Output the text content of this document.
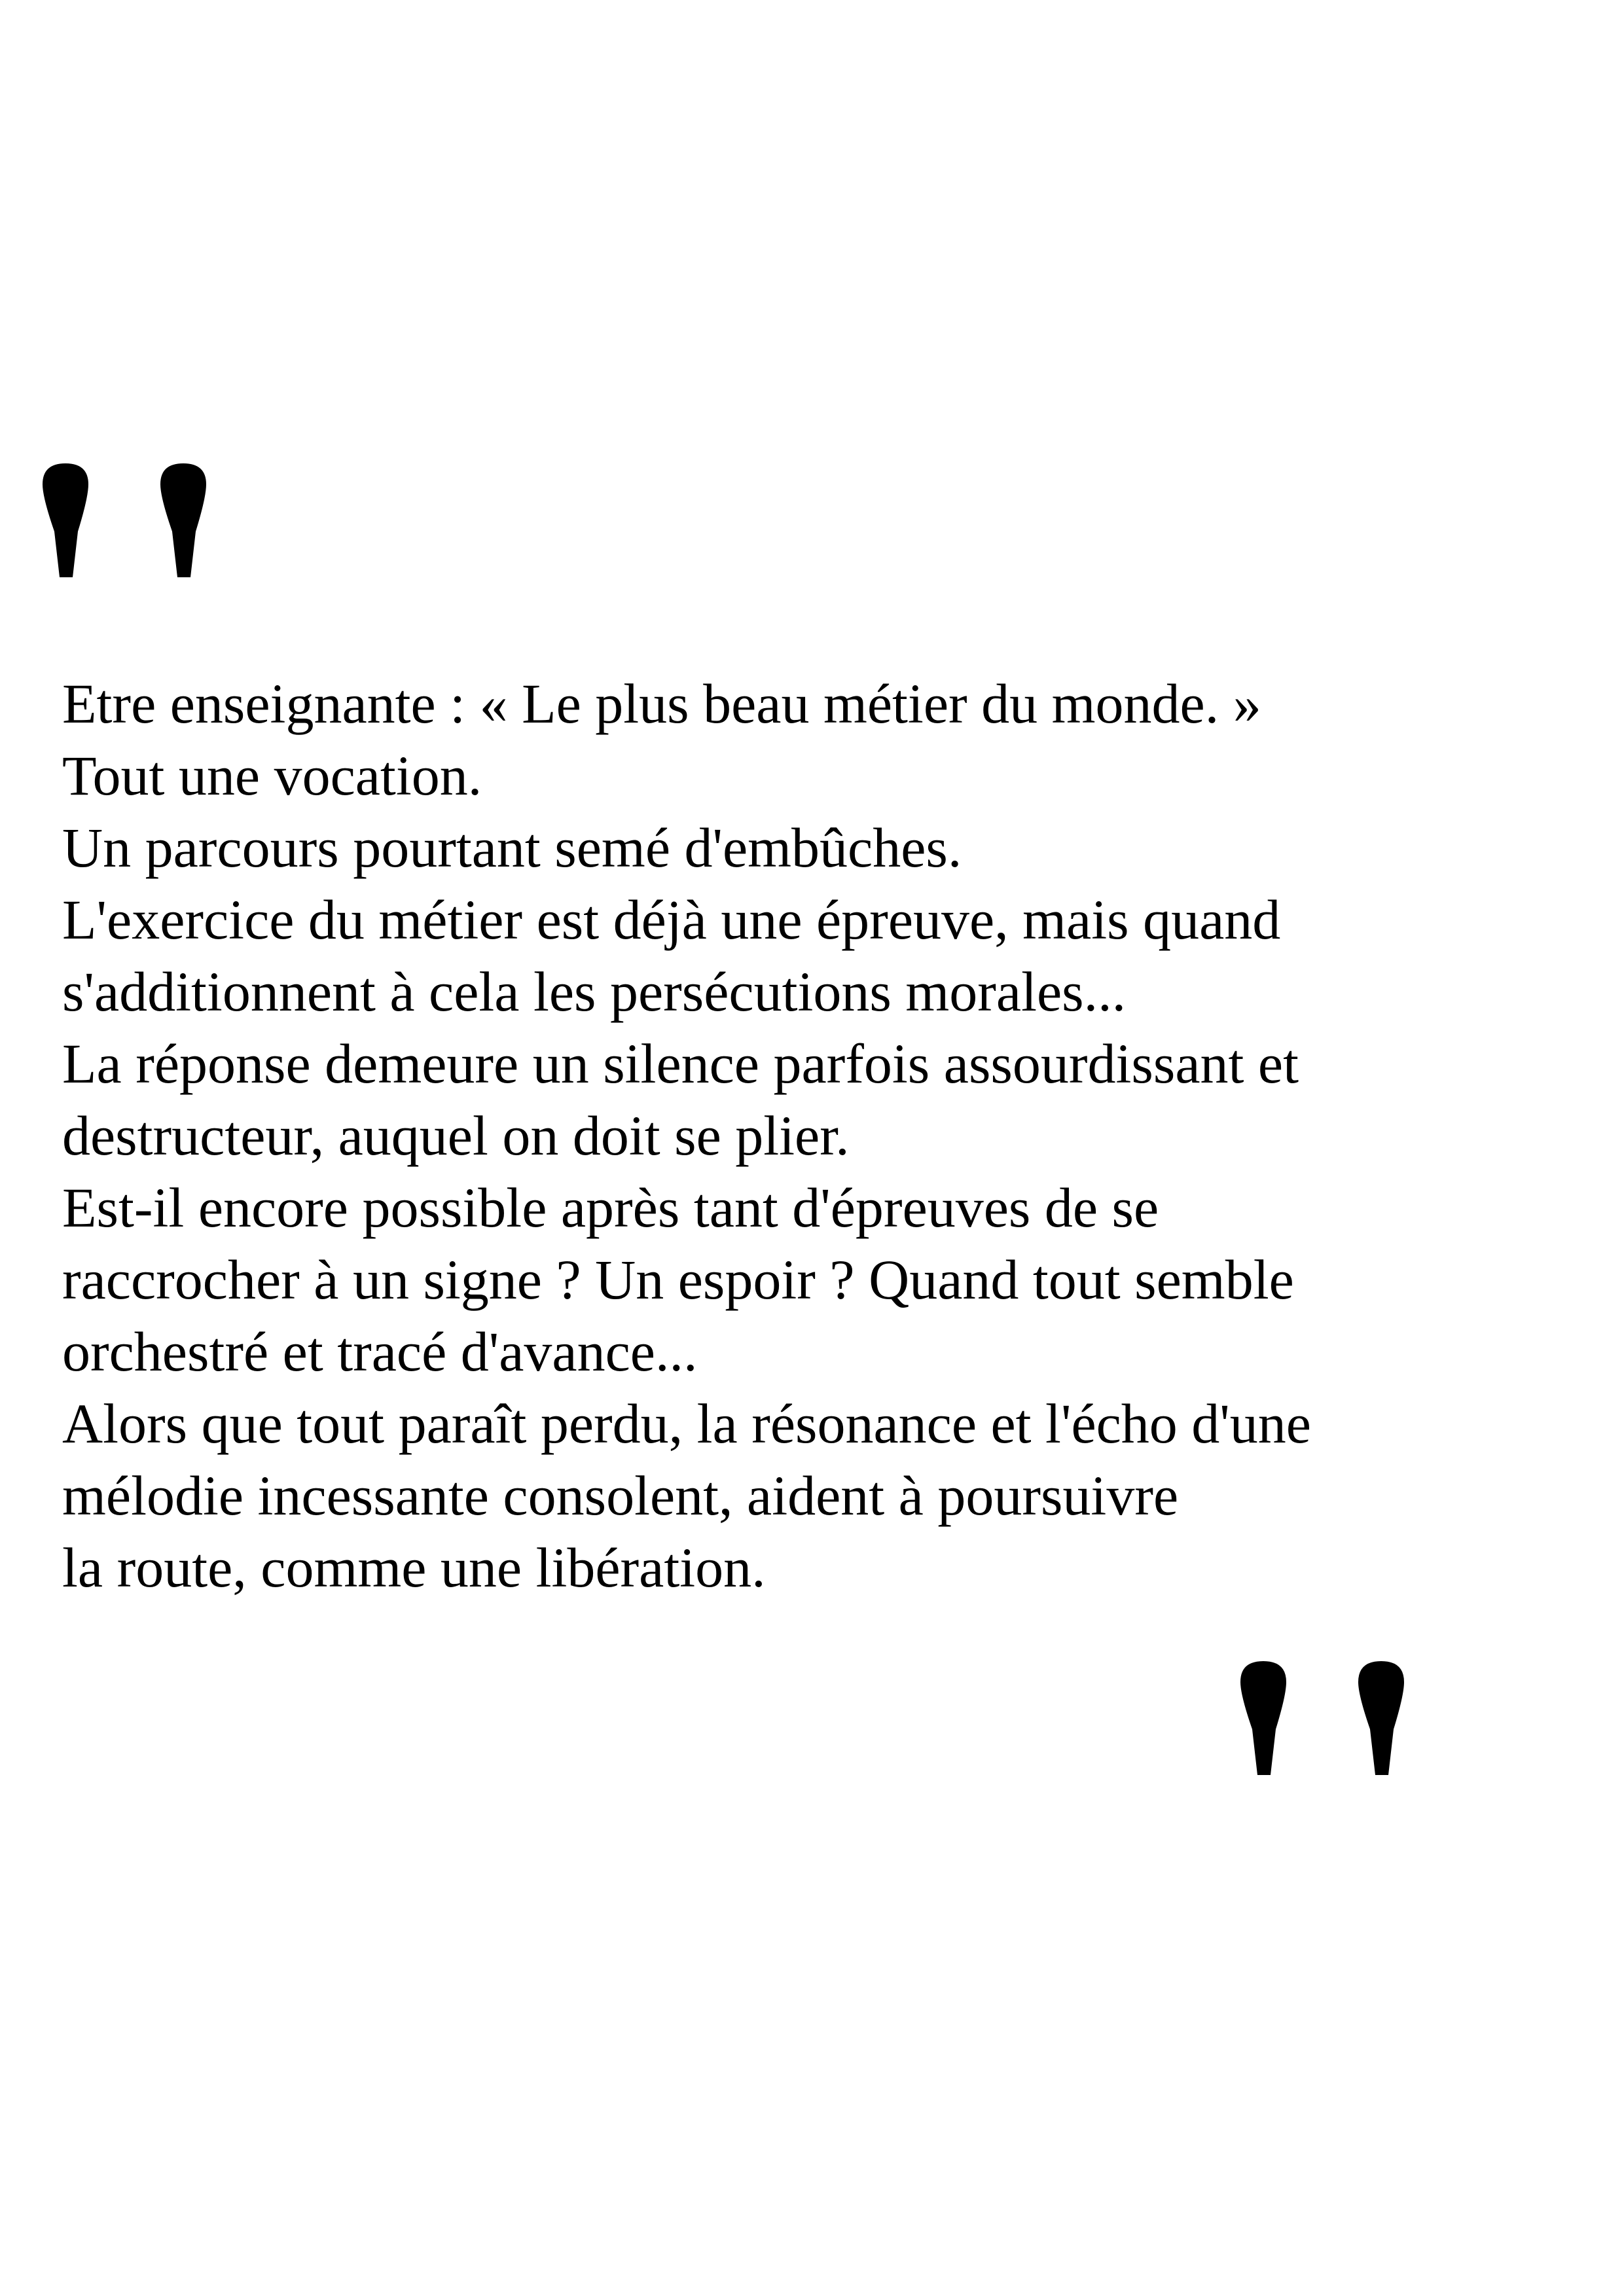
Etre enseignante : « Le plus beau métier du monde. »
Tout une vocation.
Un parcours pourtant semé d'embûches.
L'exercice du métier est déjà une épreuve, mais quand
s'additionnent à cela les persécutions morales...
La réponse demeure un silence parfois assourdissant et
destructeur, auquel on doit se plier.
Est-il encore possible après tant d'épreuves de se
raccrocher à un signe ? Un espoir ? Quand tout semble
orchestré et tracé d'avance...
Alors que tout paraît perdu, la résonance et l'écho d'une
mélodie incessante consolent, aident à poursuivre
la route, comme une libération.
